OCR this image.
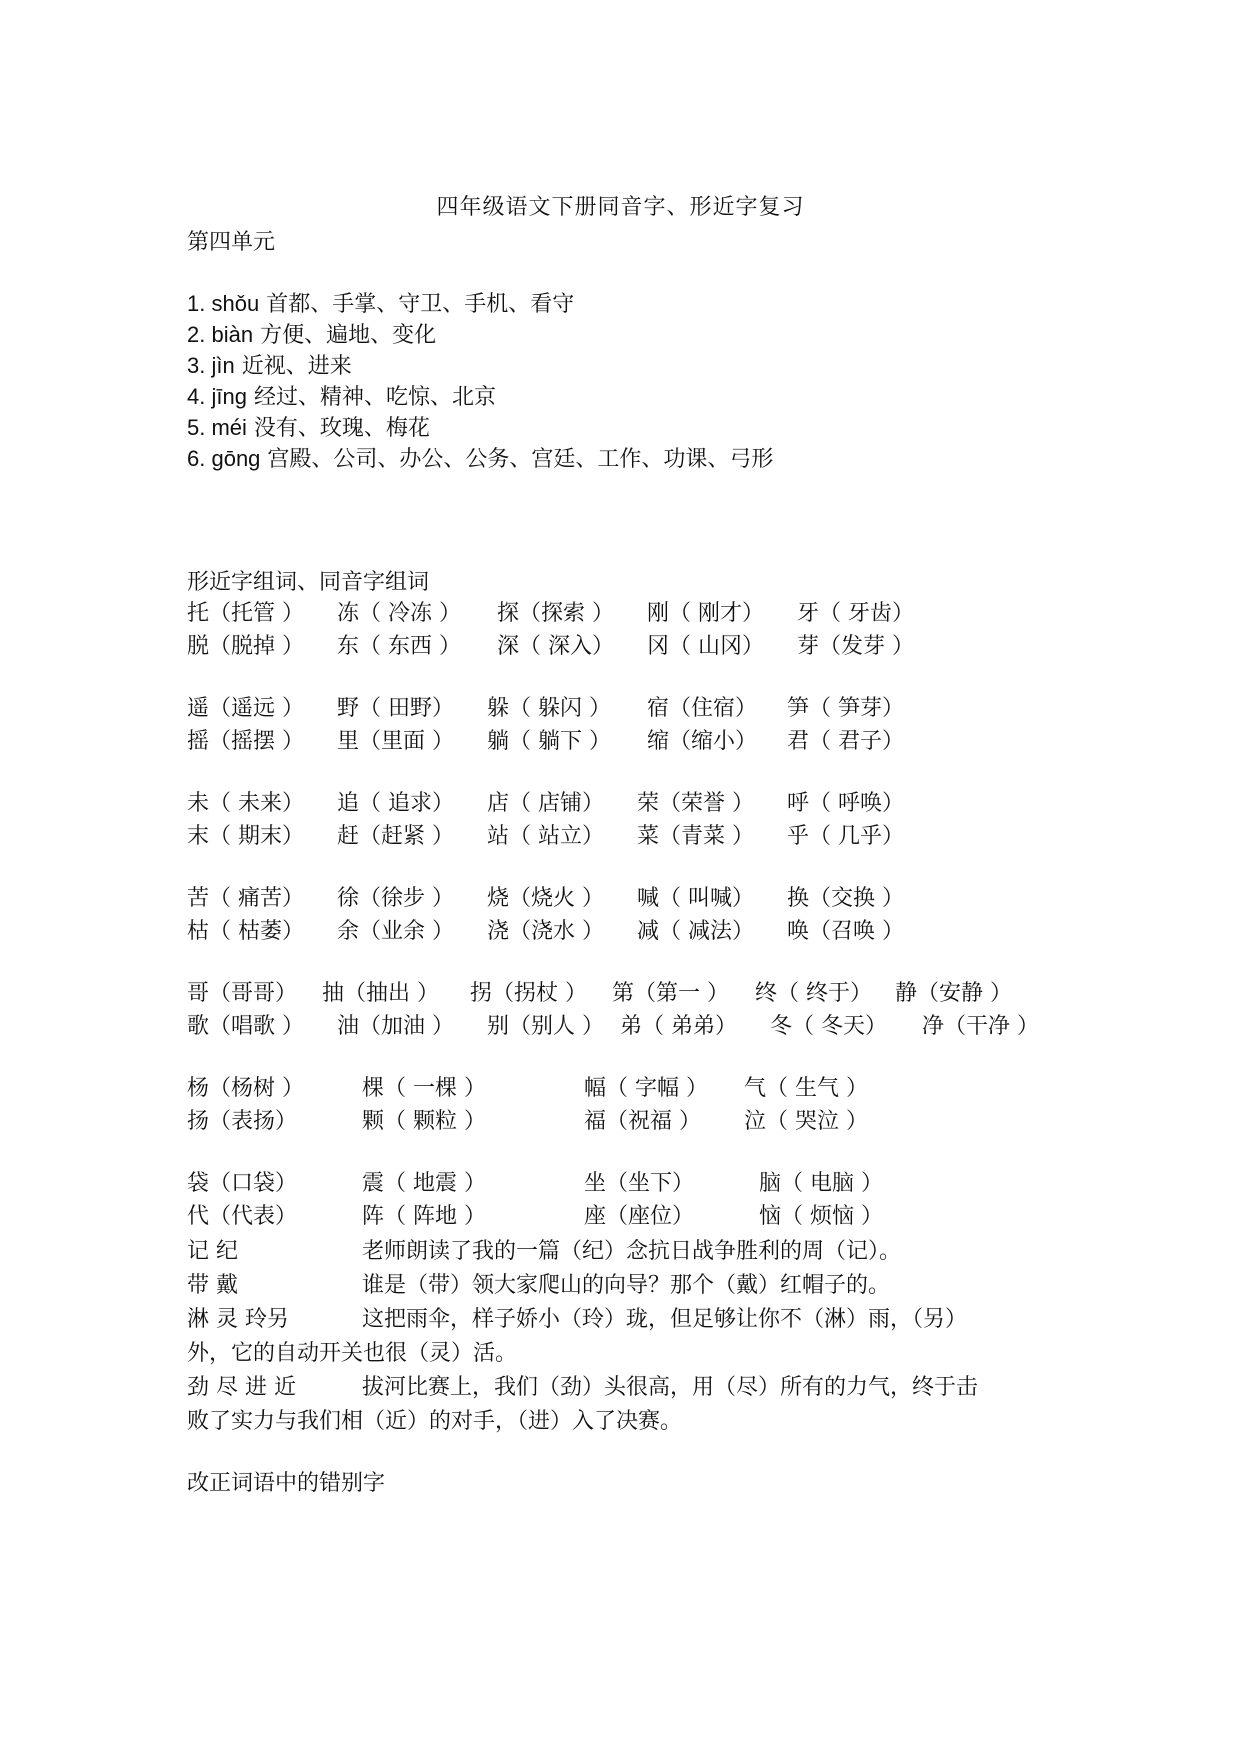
四年级语文下册同音字、形近字复习
第四单元
1. shǒu 首都、手掌、守卫、手机、看守
2. biàn 方便、遍地、变化
3. jìn 近视、进来
4. jīng 经过、精神、吃惊、北京
5. méi 没有、玫瑰、梅花
6. gōng 宫殿、公司、办公、公务、宫廷、工作、功课、弓形
形近字组词、同音字组词
托（托管 ） 冻（ 冷冻 ） 探（探索 ） 刚（ 刚才） 牙（ 牙齿）
脱（脱掉 ） 东（ 东西 ） 深（ 深入） 冈（ 山冈） 芽（发芽 ）
遥（遥远 ） 野（ 田野） 躲（ 躲闪 ） 宿（住宿） 笋（ 笋芽）
摇（摇摆 ） 里（里面 ） 躺（ 躺下 ） 缩（缩小） 君（ 君子）
未（ 未来） 追（ 追求） 店（ 店铺） 荣（荣誉 ） 呼（ 呼唤）
末（ 期末） 赶（赶紧 ） 站（ 站立） 菜（青菜 ） 乎（ 几乎）
苦（ 痛苦） 徐（徐步 ） 烧（烧火 ） 喊（ 叫喊） 换（交换 ）
枯（ 枯萎） 余（业余 ） 浇（浇水 ） 减（ 减法） 唤（召唤 ）
哥（哥哥） 抽（抽出 ） 拐（拐杖 ） 第（第一 ） 终（ 终于） 静（安静 ）
歌（唱歌 ） 油（加油 ） 别（别人 ） 弟（ 弟弟） 冬（ 冬天） 净（干净 ）
杨（杨树 ）	棵（ 一棵 ）	幅（ 字幅 ） 气（ 生气 ）
扬（表扬）	颗（ 颗粒 ）	福（祝福 ） 泣（ 哭泣 ）
袋（口袋）	震（ 地震 ）	坐（坐下）	脑（ 电脑 ）
代（代表）	阵（ 阵地 ）	座（座位）	恼（ 烦恼 ）
记 纪	老师朗读了我的一篇（纪）念抗日战争胜利的周（记）。
带 戴	谁是（带）领大家爬山的向导？那个（戴）红帽子的。
淋 灵 玲另	这把雨伞，样子娇小（玲）珑，但足够让你不（淋）雨，（另）
外，它的自动开关也很（灵）活。
劲 尽 进 近	拔河比赛上，我们（劲）头很高，用（尽）所有的力气，终于击
败了实力与我们相（近）的对手，（进）入了决赛。
改正词语中的错别字
